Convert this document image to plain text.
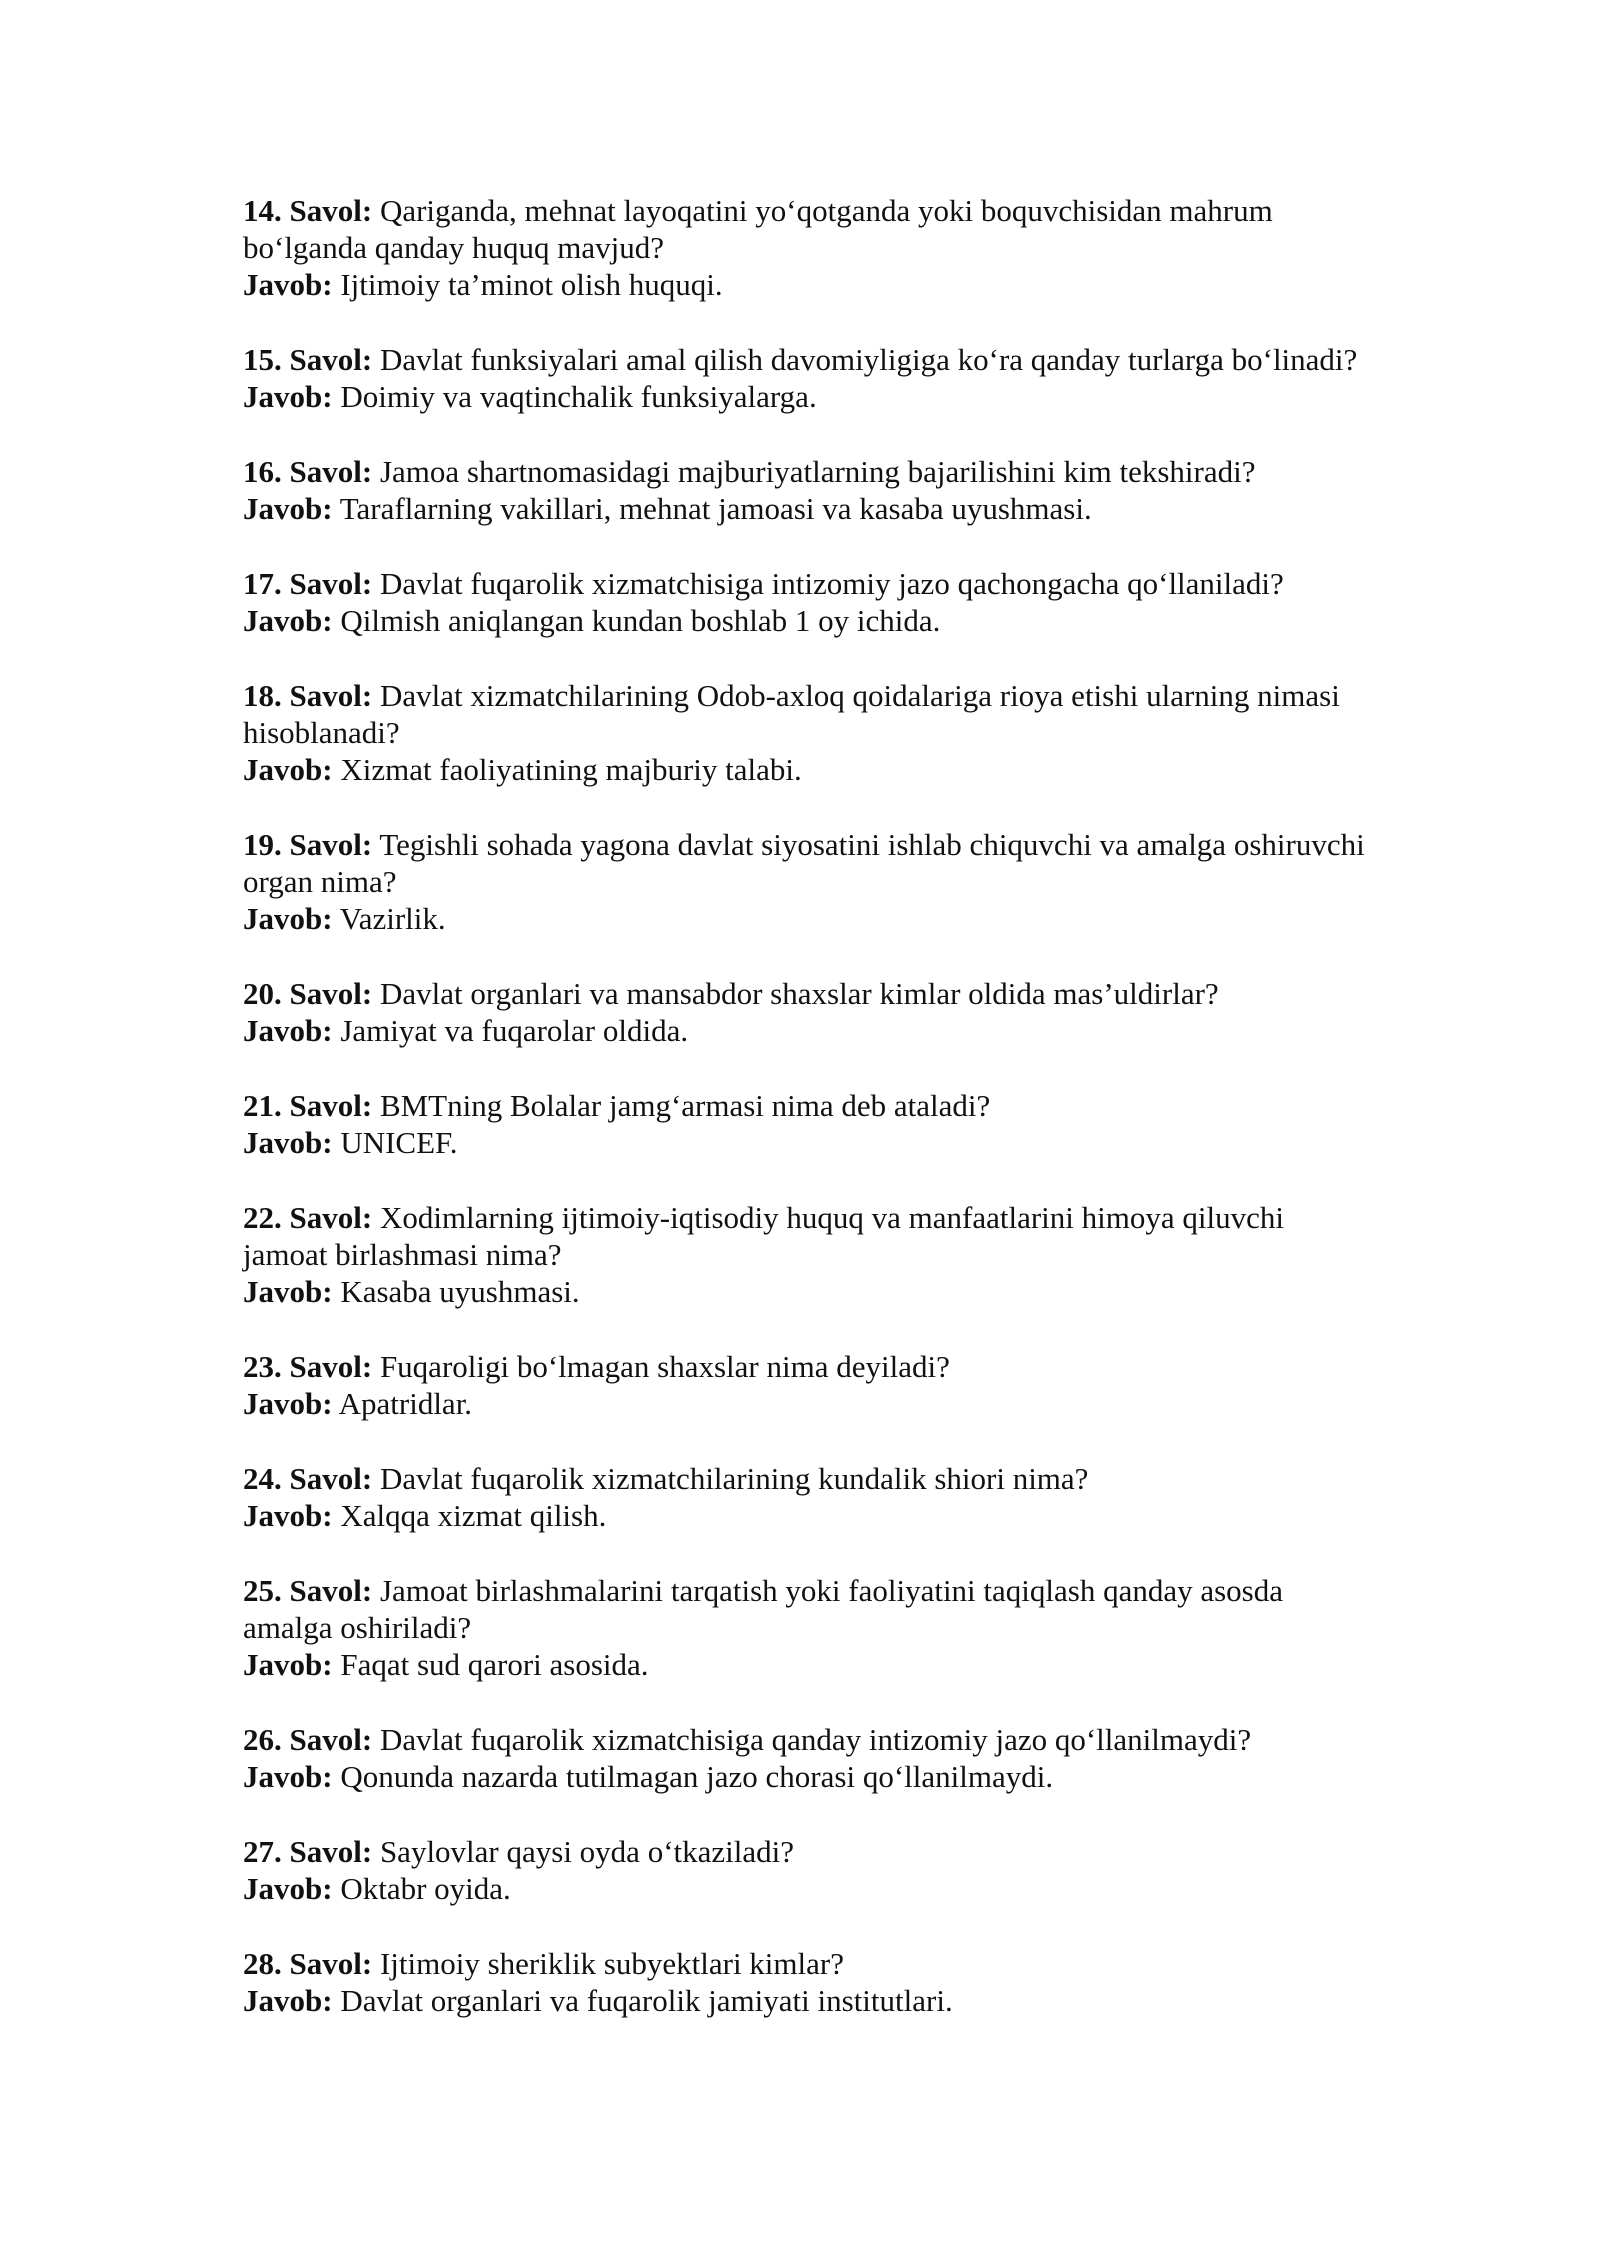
14. Savol: Qariganda, mehnat layoqatini yo‘qotganda yoki boquvchisidan mahrum bo‘lganda qanday huquq mavjud?

Javob: Ijtimoiy ta’minot olish huquqi.

15. Savol: Davlat funksiyalari amal qilish davomiyligiga ko‘ra qanday turlarga bo‘linadi?

Javob: Doimiy va vaqtinchalik funksiyalarga.

16. Savol: Jamoa shartnomasidagi majburiyatlarning bajarilishini kim tekshiradi?

Javob: Taraflarning vakillari, mehnat jamoasi va kasaba uyushmasi.

17. Savol: Davlat fuqarolik xizmatchisiga intizomiy jazo qachongacha qo‘llaniladi?

Javob: Qilmish aniqlangan kundan boshlab 1 oy ichida.

18. Savol: Davlat xizmatchilarining Odob-axloq qoidalariga rioya etishi ularning nimasi hisoblanadi?

Javob: Xizmat faoliyatining majburiy talabi.

19. Savol: Tegishli sohada yagona davlat siyosatini ishlab chiquvchi va amalga oshiruvchi organ nima?

Javob: Vazirlik.

20. Savol: Davlat organlari va mansabdor shaxslar kimlar oldida mas’uldirlar?

Javob: Jamiyat va fuqarolar oldida.

21. Savol: BMTning Bolalar jamg‘armasi nima deb ataladi?

Javob: UNICEF.

22. Savol: Xodimlarning ijtimoiy-iqtisodiy huquq va manfaatlarini himoya qiluvchi jamoat birlashmasi nima?

Javob: Kasaba uyushmasi.

23. Savol: Fuqaroligi bo‘lmagan shaxslar nima deyiladi?

Javob: Apatridlar.

24. Savol: Davlat fuqarolik xizmatchilarining kundalik shiori nima?

Javob: Xalqqa xizmat qilish.

25. Savol: Jamoat birlashmalarini tarqatish yoki faoliyatini taqiqlash qanday asosda amalga oshiriladi?

Javob: Faqat sud qarori asosida.

26. Savol: Davlat fuqarolik xizmatchisiga qanday intizomiy jazo qo‘llanilmaydi?

Javob: Qonunda nazarda tutilmagan jazo chorasi qo‘llanilmaydi.

27. Savol: Saylovlar qaysi oyda o‘tkaziladi?

Javob: Oktabr oyida.

28. Savol: Ijtimoiy sheriklik subyektlari kimlar?

Javob: Davlat organlari va fuqarolik jamiyati institutlari.
